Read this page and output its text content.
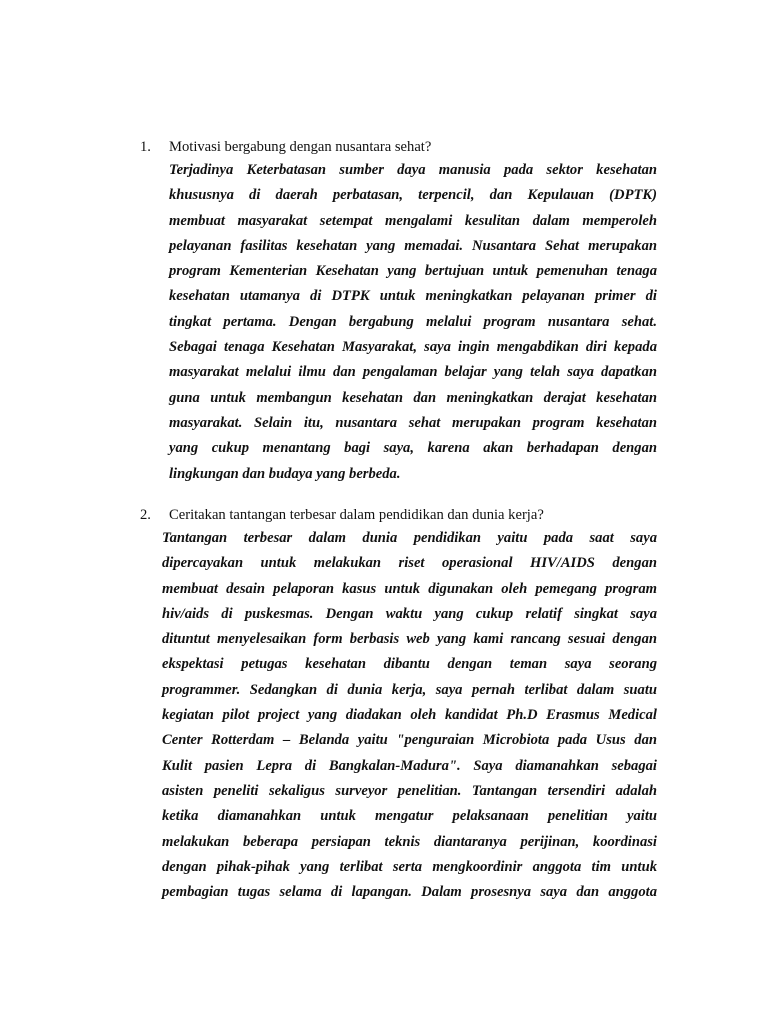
1. Motivasi bergabung dengan nusantara sehat?
Terjadinya Keterbatasan sumber daya manusia pada sektor kesehatan
khususnya di daerah perbatasan, terpencil, dan Kepulauan (DPTK)
membuat masyarakat setempat mengalami kesulitan dalam memperoleh
pelayanan fasilitas kesehatan yang memadai. Nusantara Sehat merupakan
program Kementerian Kesehatan yang bertujuan untuk pemenuhan tenaga
kesehatan utamanya di DTPK untuk meningkatkan pelayanan primer di
tingkat pertama. Dengan bergabung melalui program nusantara sehat.
Sebagai tenaga Kesehatan Masyarakat, saya ingin mengabdikan diri kepada
masyarakat melalui ilmu dan pengalaman belajar yang telah saya dapatkan
guna untuk membangun kesehatan dan meningkatkan derajat kesehatan
masyarakat. Selain itu, nusantara sehat merupakan program kesehatan
yang cukup menantang bagi saya, karena akan berhadapan dengan
lingkungan dan budaya yang berbeda.
2. Ceritakan tantangan terbesar dalam pendidikan dan dunia kerja?
Tantangan terbesar dalam dunia pendidikan yaitu pada saat saya
dipercayakan untuk melakukan riset operasional HIV/AIDS dengan
membuat desain pelaporan kasus untuk digunakan oleh pemegang program
hiv/aids di puskesmas. Dengan waktu yang cukup relatif singkat saya
dituntut menyelesaikan form berbasis web yang kami rancang sesuai dengan
ekspektasi petugas kesehatan dibantu dengan teman saya seorang
programmer. Sedangkan di dunia kerja, saya pernah terlibat dalam suatu
kegiatan pilot project yang diadakan oleh kandidat Ph.D Erasmus Medical
Center Rotterdam – Belanda yaitu "penguraian Microbiota pada Usus dan
Kulit pasien Lepra di Bangkalan-Madura". Saya diamanahkan sebagai
asisten peneliti sekaligus surveyor penelitian. Tantangan tersendiri adalah
ketika diamanahkan untuk mengatur pelaksanaan penelitian yaitu
melakukan beberapa persiapan teknis diantaranya perijinan, koordinasi
dengan pihak-pihak yang terlibat serta mengkoordinir anggota tim untuk
pembagian tugas selama di lapangan. Dalam prosesnya saya dan anggota
